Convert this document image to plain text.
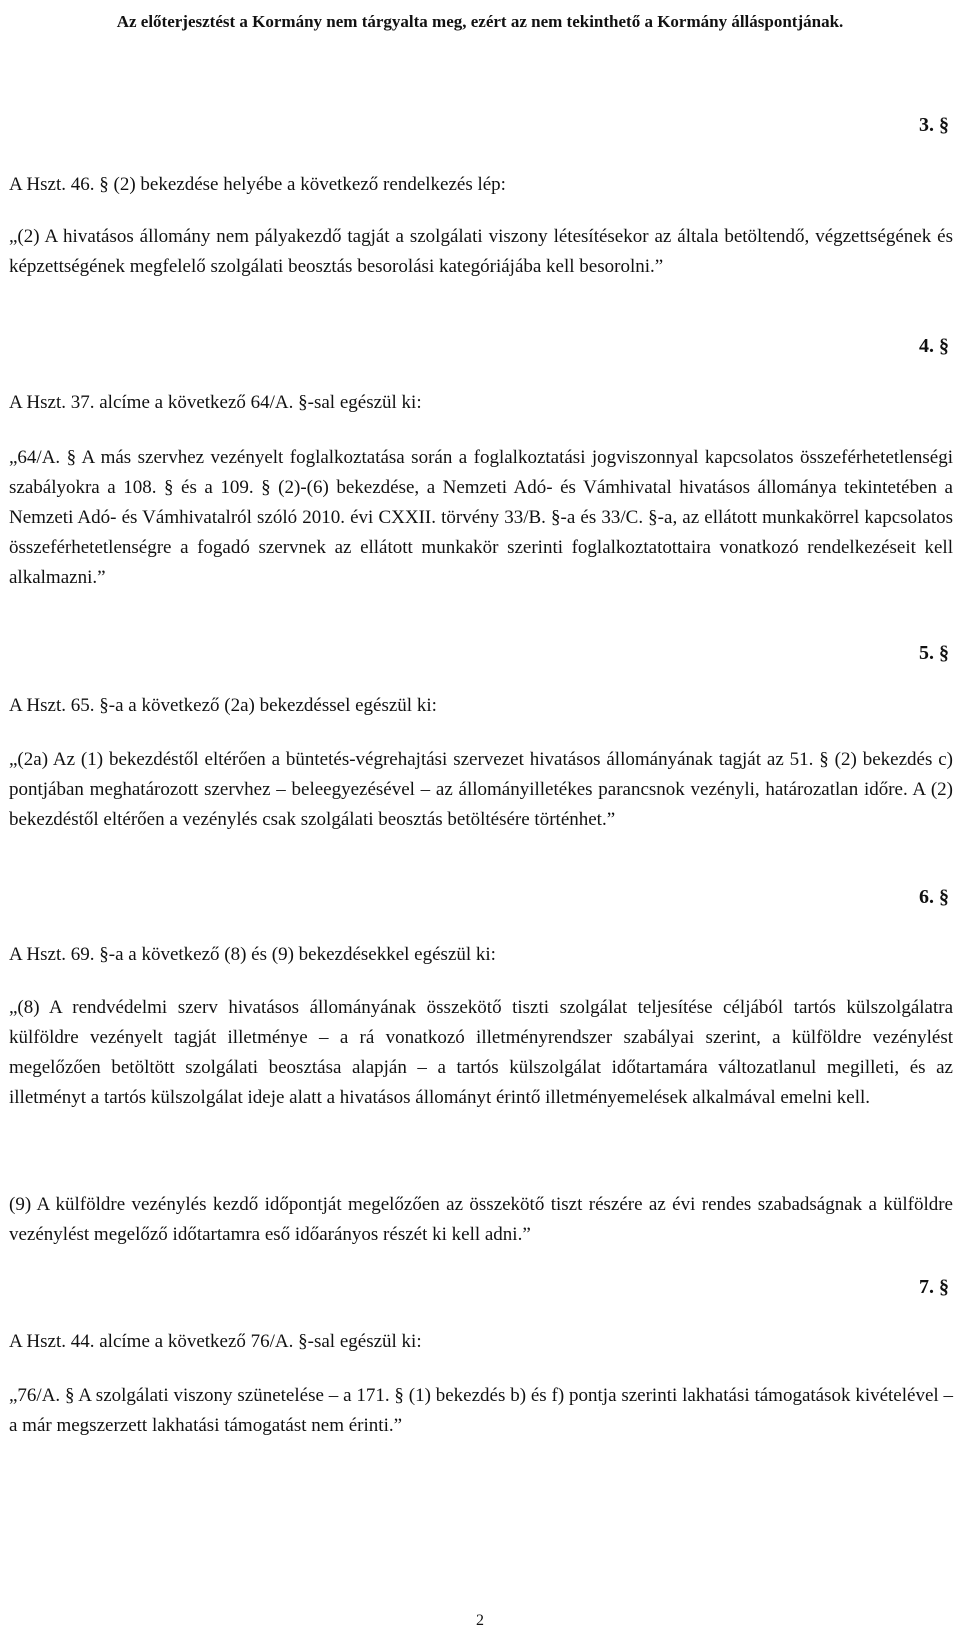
Az előterjesztést a Kormány nem tárgyalta meg, ezért az nem tekinthető a Kormány álláspontjának.
3. §
A Hszt. 46. § (2) bekezdése helyébe a következő rendelkezés lép:
„(2) A hivatásos állomány nem pályakezdő tagját a szolgálati viszony létesítésekor az általa betöltendő, végzettségének és képzettségének megfelelő szolgálati beosztás besorolási kategóriájába kell besorolni.”
4. §
A Hszt. 37. alcíme a következő 64/A. §-sal egészül ki:
„64/A. § A más szervhez vezényelt foglalkoztatása során a foglalkoztatási jogviszonnyal kapcsolatos összeférhetetlenségi szabályokra a 108. § és a 109. § (2)-(6) bekezdése, a Nemzeti Adó- és Vámhivatal hivatásos állománya tekintetében a Nemzeti Adó- és Vámhivatalról szóló 2010. évi CXXII. törvény 33/B. §-a és 33/C. §-a, az ellátott munkakörrel kapcsolatos összeférhetetlenségre a fogadó szervnek az ellátott munkakör szerinti foglalkoztatottaira vonatkozó rendelkezéseit kell alkalmazni.”
5. §
A Hszt. 65. §-a a következő (2a) bekezdéssel egészül ki:
„(2a) Az (1) bekezdéstől eltérően a büntetés-végrehajtási szervezet hivatásos állományának tagját az 51. § (2) bekezdés c) pontjában meghatározott szervhez – beleegyezésével – az állományilletékes parancsnok vezényli, határozatlan időre. A (2) bekezdéstől eltérően a vezénylés csak szolgálati beosztás betöltésére történhet.”
6. §
A Hszt. 69. §-a a következő (8) és (9) bekezdésekkel egészül ki:
„(8) A rendvédelmi szerv hivatásos állományának összekötő tiszti szolgálat teljesítése céljából tartós külszolgálatra külföldre vezényelt tagját illetménye – a rá vonatkozó illetményrendszer szabályai szerint, a külföldre vezénylést megelőzően betöltött szolgálati beosztása alapján – a tartós külszolgálat időtartamára változatlanul megilleti, és az illetményt a tartós külszolgálat ideje alatt a hivatásos állományt érintő illetményemelések alkalmával emelni kell.
(9) A külföldre vezénylés kezdő időpontját megelőzően az összekötő tiszt részére az évi rendes szabadságnak a külföldre vezénylést megelőző időtartamra eső időarányos részét ki kell adni.”
7. §
A Hszt. 44. alcíme a következő 76/A. §-sal egészül ki:
„76/A. § A szolgálati viszony szünetelése – a 171. § (1) bekezdés b) és f) pontja szerinti lakhatási támogatások kivételével – a már megszerzett lakhatási támogatást nem érinti.”
2
